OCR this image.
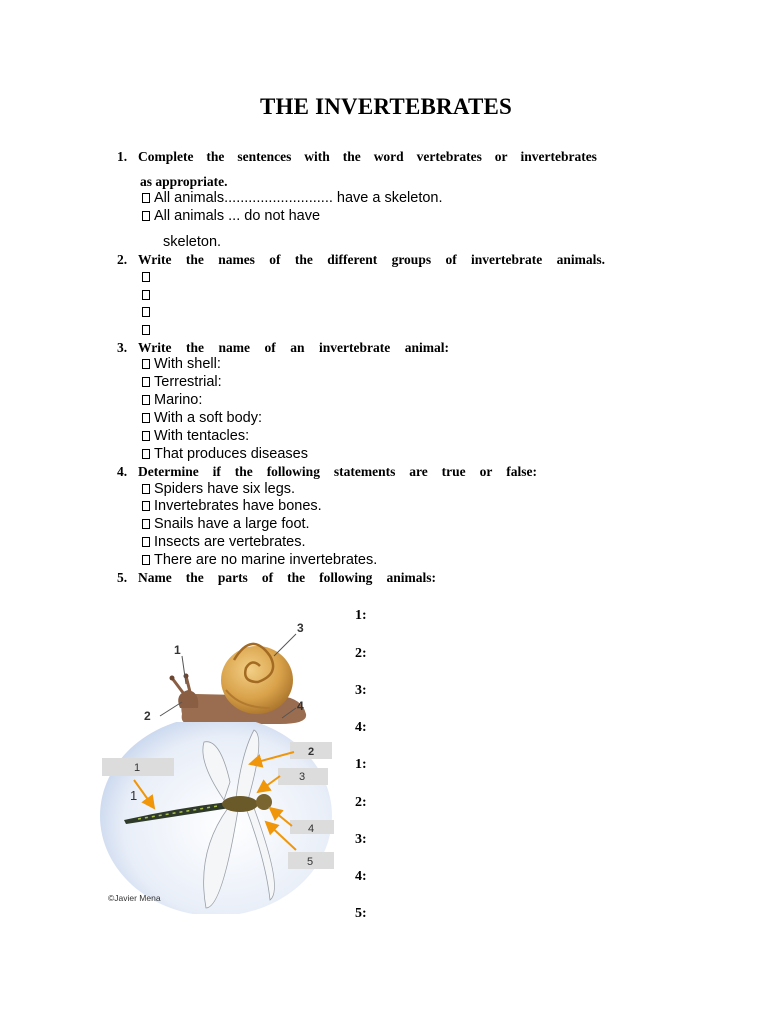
THE INVERTEBRATES
1. Complete the sentences with the word vertebrates or invertebrates
as appropriate.
All animals........................... have a skeleton.
All animals ... do not have
skeleton.
2. Write the names of the different groups of invertebrate animals.
3. Write the name of an invertebrate animal:
With shell:
Terrestrial:
Marino:
With a soft body:
With tentacles:
That produces diseases
4. Determine if the following statements are true or false:
Spiders have six legs.
Invertebrates have bones.
Snails have a large foot.
Insects are vertebrates.
There are no marine invertebrates.
5. Name the parts of the following animals:
1:
2:
3:
4:
1:
2:
3:
4:
5:
1
2
3
4
1
1
2
3
4
5
©Javier Mena
